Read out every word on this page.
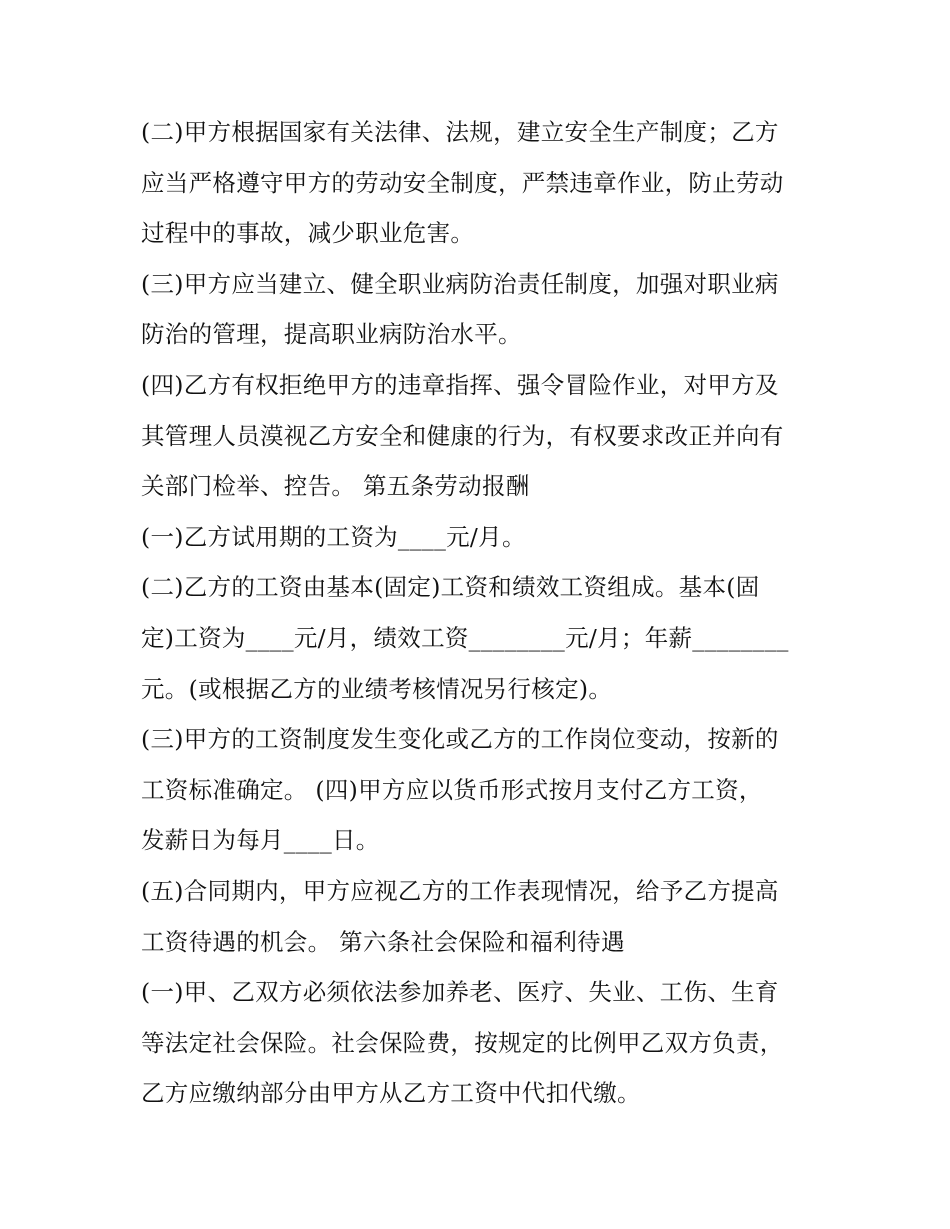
(二)甲方根据国家有关法律、法规，建立安全生产制度；乙方
应当严格遵守甲方的劳动安全制度，严禁违章作业，防止劳动
过程中的事故，减少职业危害。
(三)甲方应当建立、健全职业病防治责任制度，加强对职业病
防治的管理，提高职业病防治水平。
(四)乙方有权拒绝甲方的违章指挥、强令冒险作业，对甲方及
其管理人员漠视乙方安全和健康的行为，有权要求改正并向有
关部门检举、控告。 第五条劳动报酬
(一)乙方试用期的工资为____元/月。
(二)乙方的工资由基本(固定)工资和绩效工资组成。基本(固
定)工资为____元/月，绩效工资________元/月；年薪________
元。(或根据乙方的业绩考核情况另行核定)。
(三)甲方的工资制度发生变化或乙方的工作岗位变动，按新的
工资标准确定。 (四)甲方应以货币形式按月支付乙方工资，
发薪日为每月____日。
(五)合同期内，甲方应视乙方的工作表现情况，给予乙方提高
工资待遇的机会。 第六条社会保险和福利待遇
(一)甲、乙双方必须依法参加养老、医疗、失业、工伤、生育
等法定社会保险。社会保险费，按规定的比例甲乙双方负责，
乙方应缴纳部分由甲方从乙方工资中代扣代缴。
